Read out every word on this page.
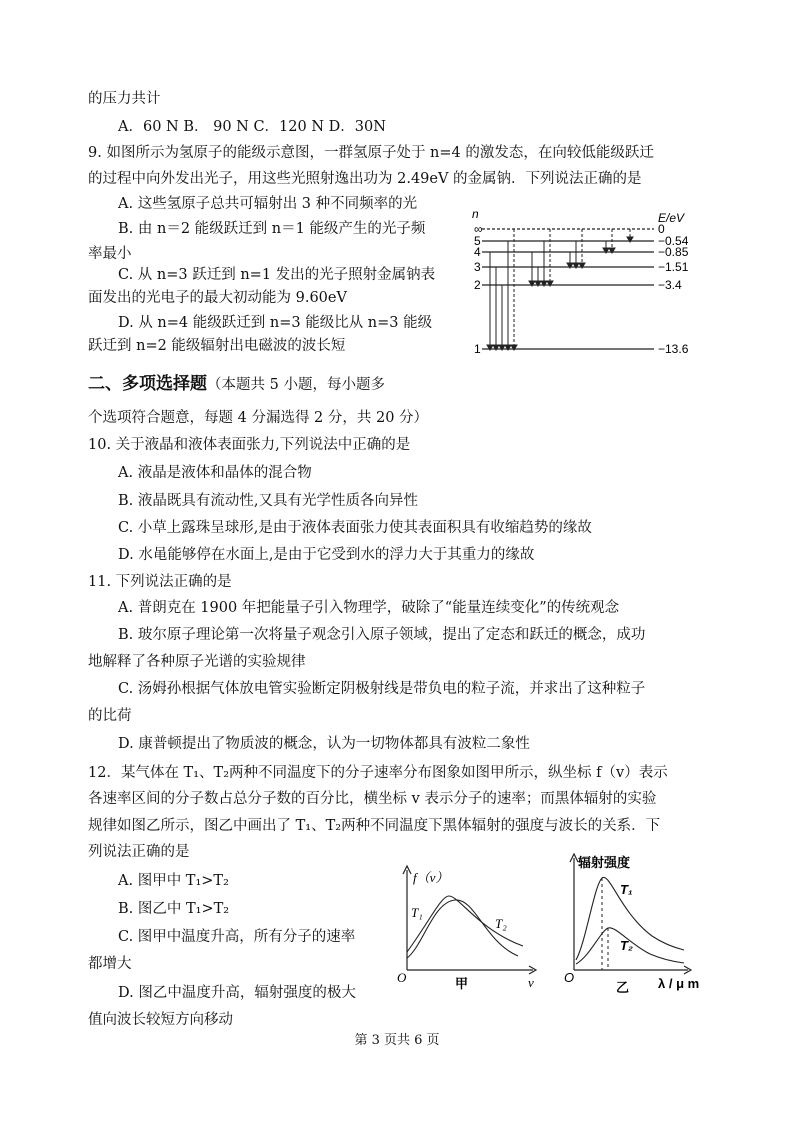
的压力共计
A．60 N B． 90 N C．120 N D．30N
9. 如图所示为氢原子的能级示意图，一群氢原子处于 n=4 的激发态，在向较低能级跃迁
的过程中向外发出光子，用这些光照射逸出功为 2.49eV 的金属钠．下列说法正确的是
A. 这些氢原子总共可辐射出 3 种不同频率的光
B. 由 n＝2 能级跃迁到 n＝1 能级产生的光子频
率最小
C. 从 n=3 跃迁到 n=1 发出的光子照射金属钠表
面发出的光电子的最大初动能为 9.60eV
D. 从 n=4 能级跃迁到 n=3 能级比从 n=3 能级
跃迁到 n=2 能级辐射出电磁波的波长短
n	E/eV
∞
5
4
3
2
1
0
−0.54
−0.85
−1.51
−3.4
−13.6
二、多项选择题（本题共 5 小题，每小题多
个选项符合题意，每题 4 分漏选得 2 分，共 20 分）
10. 关于液晶和液体表面张力,下列说法中正确的是
A. 液晶是液体和晶体的混合物
B. 液晶既具有流动性,又具有光学性质各向异性
C. 小草上露珠呈球形,是由于液体表面张力使其表面积具有收缩趋势的缘故
D. 水黾能够停在水面上,是由于它受到水的浮力大于其重力的缘故
11. 下列说法正确的是
A. 普朗克在 1900 年把能量子引入物理学，破除了“能量连续变化”的传统观念
B. 玻尔原子理论第一次将量子观念引入原子领域，提出了定态和跃迁的概念，成功
地解释了各种原子光谱的实验规律
C. 汤姆孙根据气体放电管实验断定阴极射线是带负电的粒子流，并求出了这种粒子
的比荷
D. 康普顿提出了物质波的概念，认为一切物体都具有波粒二象性
12．某气体在 T₁、T₂两种不同温度下的分子速率分布图象如图甲所示，纵坐标 f（v）表示
各速率区间的分子数占总分子数的百分比，横坐标 v 表示分子的速率；而黑体辐射的实验
规律如图乙所示，图乙中画出了 T₁、T₂两种不同温度下黑体辐射的强度与波长的关系．下
列说法正确的是
A. 图甲中 T₁>T₂
B. 图乙中 T₁>T₂
C. 图甲中温度升高，所有分子的速率
都增大
D. 图乙中温度升高，辐射强度的极大
值向波长较短方向移动
f（v）
T₁
T₂
O	v
甲
辐射强度
T₁
T₂
O	λ / μ m
乙
第 3 页共 6 页
